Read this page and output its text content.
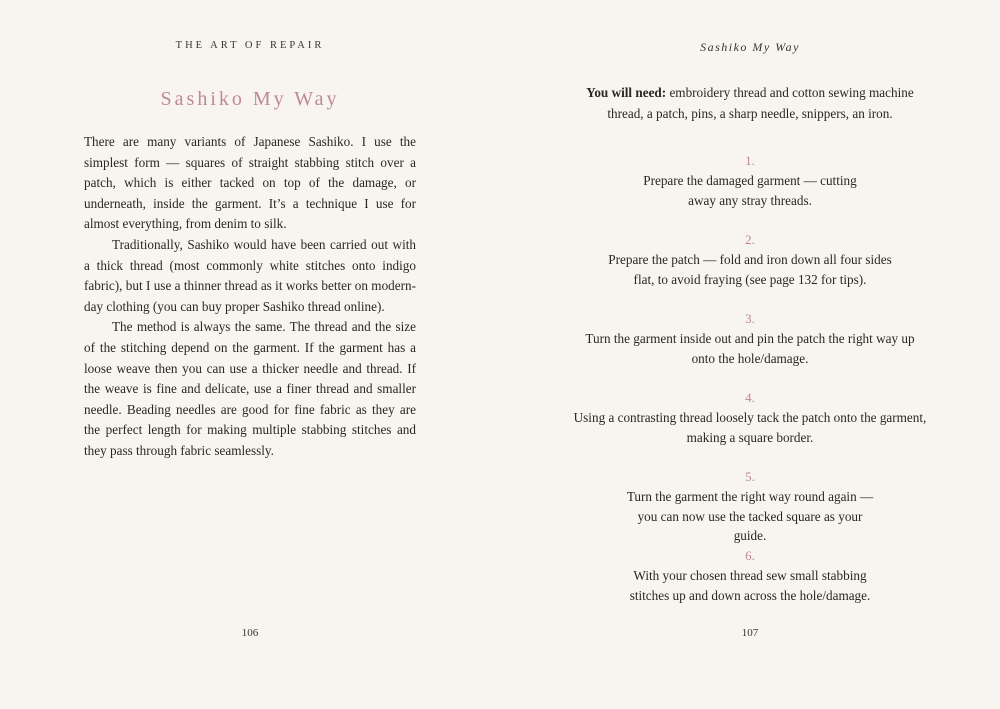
THE ART OF REPAIR
Sashiko My Way

There are many variants of Japanese Sashiko. I use the simplest form — squares of straight stabbing stitch over a patch, which is either tacked on top of the damage, or underneath, inside the garment. It’s a technique I use for almost everything, from denim to silk.

Traditionally, Sashiko would have been carried out with a thick thread (most commonly white stitches onto indigo fabric), but I use a thinner thread as it works better on modern-day clothing (you can buy proper Sashiko thread online).

The method is always the same. The thread and the size of the stitching depend on the garment. If the garment has a loose weave then you can use a thicker needle and thread. If the weave is fine and delicate, use a finer thread and smaller needle. Beading needles are good for fine fabric as they are the perfect length for making multiple stabbing stitches and they pass through fabric seamlessly.

106
Sashiko My Way
You will need: embroidery thread and cotton sewing machine thread, a patch, pins, a sharp needle, snippers, an iron.
1.
Prepare the damaged garment — cutting away any stray threads.
2.
Prepare the patch — fold and iron down all four sides flat, to avoid fraying (see page 132 for tips).
3.
Turn the garment inside out and pin the patch the right way up onto the hole/damage.
4.
Using a contrasting thread loosely tack the patch onto the garment, making a square border.
5.
Turn the garment the right way round again — you can now use the tacked square as your guide.
6.
With your chosen thread sew small stabbing stitches up and down across the hole/damage.
107
